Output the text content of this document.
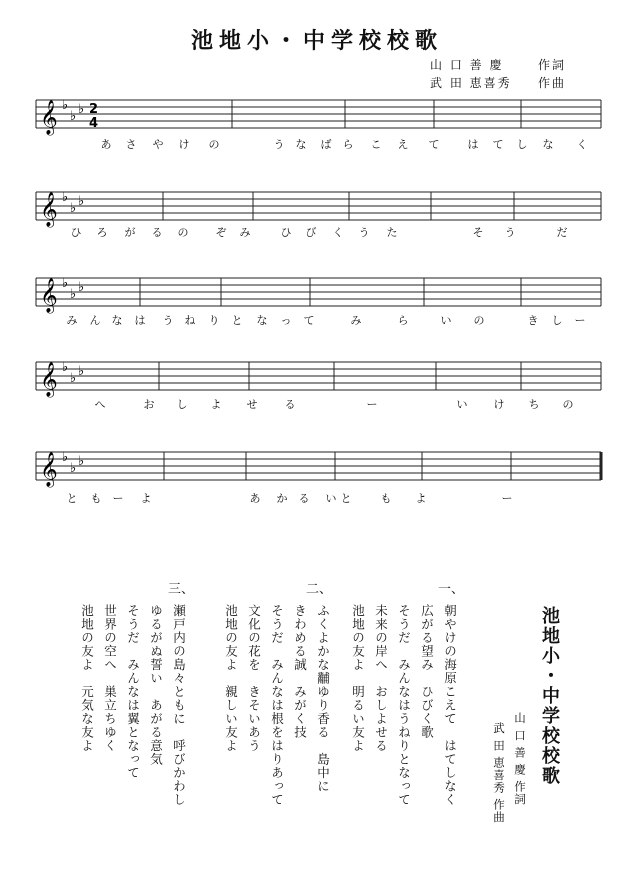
池地小・中学校校歌
山 口 善 慶	作詞
武 田 恵喜秀 作曲
𝄞 ♭
♭ ♭ 2
4
𝄞 ♭
♭ ♭
𝄞 ♭
♭ ♭
𝄞 ♭
♭ ♭
𝄞 ♭
♭ ♭
あ さ や け の	う な ば ら こ え て	は て し な く
ひ ろ が る の ぞ み	ひ び く う た	そ う	だ
み ん な は う ね り と な っ て	み	ら	い の	き し ー
へ	お し よ せ る	ー	い け ち の
と も ー よ	あ か る い と	も よ	ー
池地小・中学校校歌
山 口 善 慶 作詞
武 田 恵喜秀 作曲
一、
朝やけの海原こえて　はてしなく
広がる望み　ひびく歌
そうだ　みんなはうねりとなって
未来の岸へ　おしよせる
池地の友よ　明るい友よ
二、
ふくよかな黼ゆり香る　島中に
きわめる誠　みがく技
そうだ　みんなは根をはりあって
文化の花を　きそいあう
池地の友よ　親しい友よ
三、
瀬戸内の島々ともに　呼びかわし
ゆるがぬ誓い　あがる意気
そうだ　みんなは翼となって
世界の空へ　巣立ちゆく
池地の友よ　元気な友よ
